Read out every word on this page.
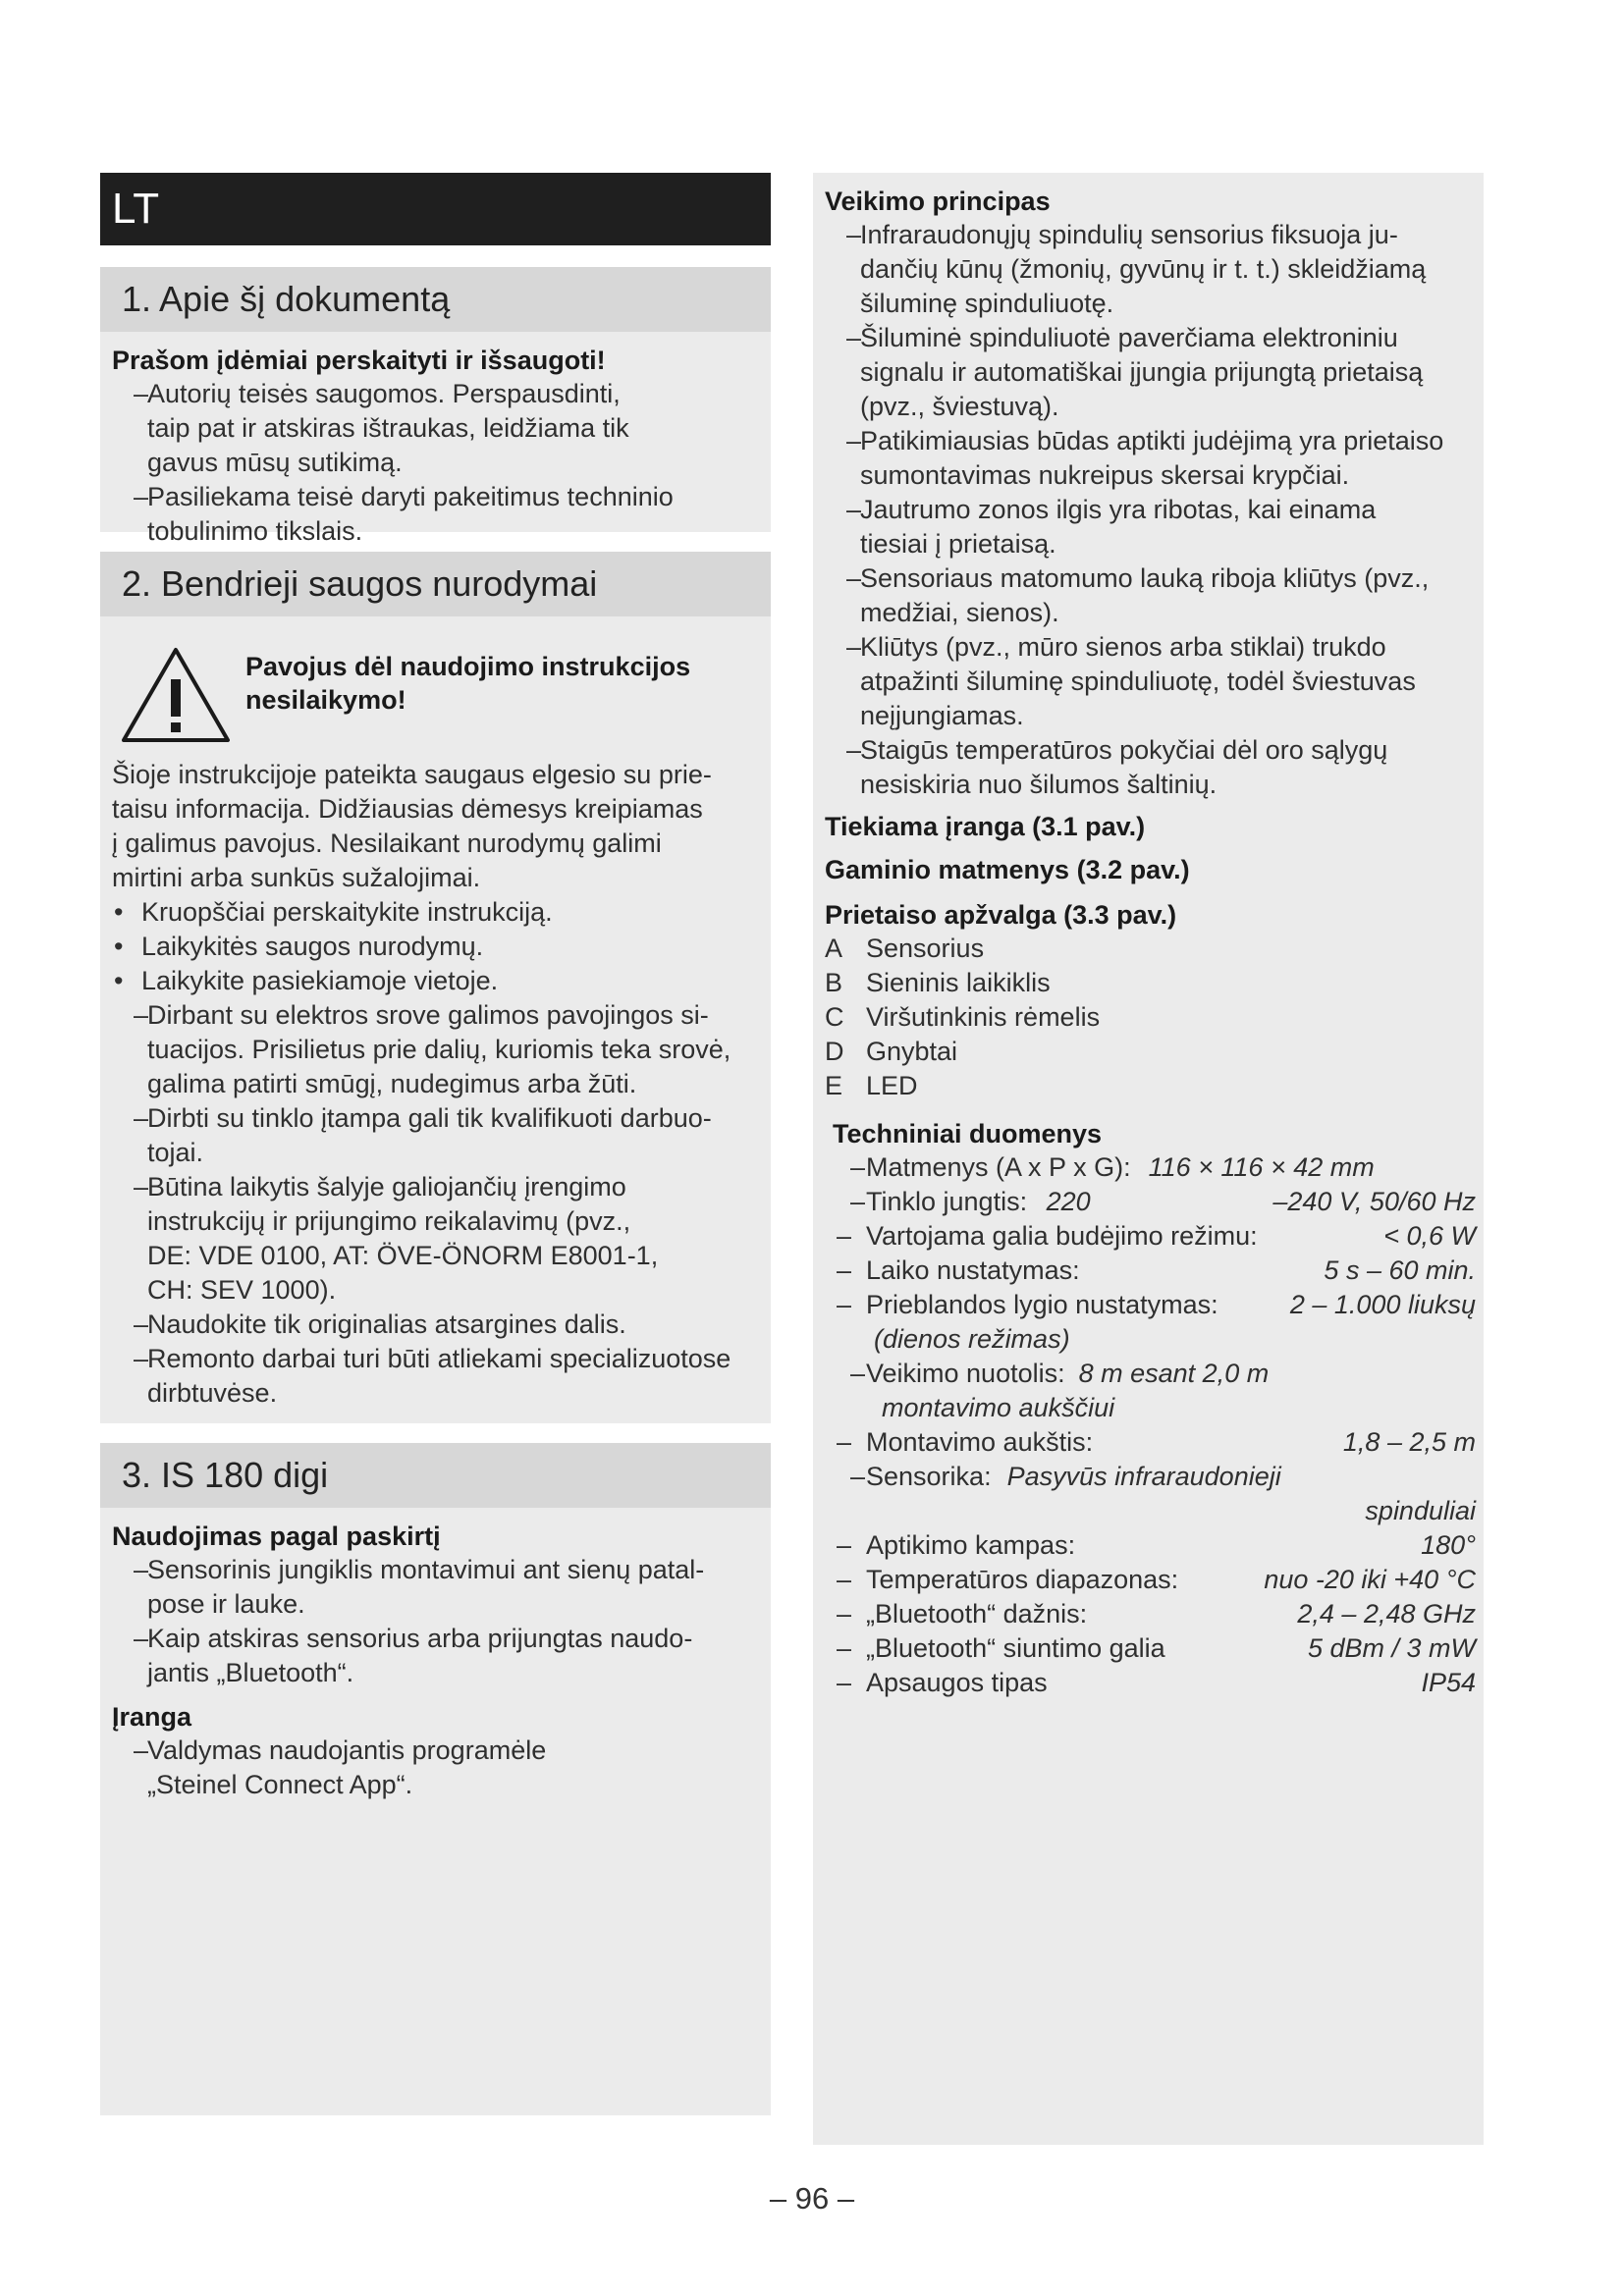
LT
1. Apie šį dokumentą
Prašom įdėmiai perskaityti ir išsaugoti!
–Autorių teisės saugomos. Perspausdinti,
taip pat ir atskiras ištraukas, leidžiama tik
gavus mūsų sutikimą.
–Pasiliekama teisė daryti pakeitimus techninio
tobulinimo tikslais.
2. Bendrieji saugos nurodymai
Pavojus dėl naudojimo instrukcijos
nesilaikymo!
Šioje instrukcijoje pateikta saugaus elgesio su prie-
taisu informacija. Didžiausias dėmesys kreipiamas
į galimus pavojus. Nesilaikant nurodymų galimi
mirtini arba sunkūs sužalojimai.
• Kruopščiai perskaitykite instrukciją.
• Laikykitės saugos nurodymų.
• Laikykite pasiekiamoje vietoje.
–Dirbant su elektros srove galimos pavojingos si-
tuacijos. Prisilietus prie dalių, kuriomis teka srovė,
galima patirti smūgį, nudegimus arba žūti.
–Dirbti su tinklo įtampa gali tik kvalifikuoti darbuo-
tojai.
–Būtina laikytis šalyje galiojančių įrengimo
instrukcijų ir prijungimo reikalavimų (pvz.,
DE: VDE 0100, AT: ÖVE-ÖNORM E8001-1,
CH: SEV 1000).
–Naudokite tik originalias atsargines dalis.
–Remonto darbai turi būti atliekami specializuotose
dirbtuvėse.
3. IS 180 digi
Naudojimas pagal paskirtį
–Sensorinis jungiklis montavimui ant sienų patal-
pose ir lauke.
–Kaip atskiras sensorius arba prijungtas naudo-
jantis „Bluetooth“.
Įranga
–Valdymas naudojantis programėle
„Steinel Connect App“.
Veikimo principas
–Infraraudonųjų spindulių sensorius fiksuoja ju-
dančių kūnų (žmonių, gyvūnų ir t. t.) skleidžiamą
šiluminę spinduliuotę.
–Šiluminė spinduliuotė paverčiama elektroniniu
signalu ir automatiškai įjungia prijungtą prietaisą
(pvz., šviestuvą).
–Patikimiausias būdas aptikti judėjimą yra prietaiso
sumontavimas nukreipus skersai krypčiai.
–Jautrumo zonos ilgis yra ribotas, kai einama
tiesiai į prietaisą.
–Sensoriaus matomumo lauką riboja kliūtys (pvz.,
medžiai, sienos).
–Kliūtys (pvz., mūro sienos arba stiklai) trukdo
atpažinti šiluminę spinduliuotę, todėl šviestuvas
neįjungiamas.
–Staigūs temperatūros pokyčiai dėl oro sąlygų
nesiskiria nuo šilumos šaltinių.
Tiekiama įranga (3.1 pav.)
Gaminio matmenys (3.2 pav.)
Prietaiso apžvalga (3.3 pav.)
A Sensorius
B Sieninis laikiklis
C Viršutinkinis rėmelis
D Gnybtai
E LED
Techniniai duomenys
–Matmenys (A x P x G): 116 × 116 × 42 mm
–Tinklo jungtis: 220	–240 V, 50/60 Hz
– Vartojama galia budėjimo režimu:	< 0,6 W
– Laiko nustatymas:	5 s – 60 min.
– Prieblandos lygio nustatymas:	2 – 1.000 liuksų
(dienos režimas)
–Veikimo nuotolis: 8 m esant 2,0 m
montavimo aukščiui
– Montavimo aukštis:	1,8 – 2,5 m
–Sensorika: Pasyvūs infraraudonieji
spinduliai
– Aptikimo kampas:	180°
– Temperatūros diapazonas:	nuo -20 iki +40 °C
– „Bluetooth“ dažnis:	2,4 – 2,48 GHz
– „Bluetooth“ siuntimo galia	5 dBm / 3 mW
– Apsaugos tipas	IP54
– 96 –
